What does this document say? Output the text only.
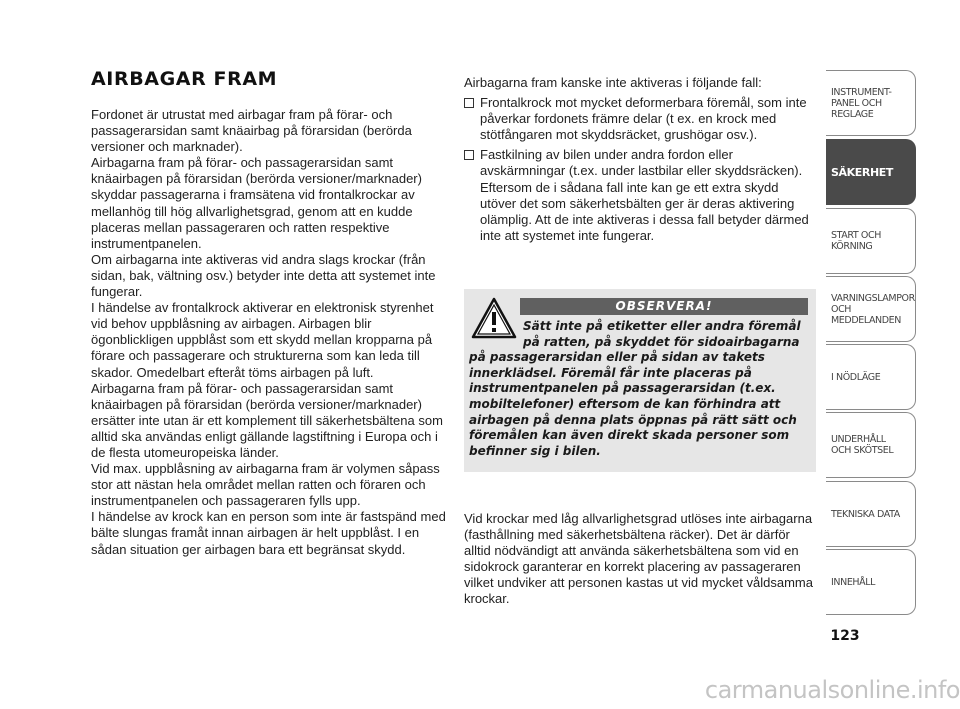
AIRBAGAR FRAM

Fordonet är utrustat med airbagar fram på förar- och passagerarsidan samt knäairbag på förarsidan (berörda versioner och marknader).

Airbagarna fram på förar- och passagerarsidan samt knäairbagen på förarsidan (berörda versioner/marknader) skyddar passagerarna i framsätena vid frontalkrockar av mellanhög till hög allvarlighetsgrad, genom att en kudde placeras mellan passageraren och ratten respektive instrumentpanelen.

Om airbagarna inte aktiveras vid andra slags krockar (från sidan, bak, vältning osv.) betyder inte detta att systemet inte fungerar.

I händelse av frontalkrock aktiverar en elektronisk styrenhet vid behov uppblåsning av airbagen. Airbagen blir ögonblickligen uppblåst som ett skydd mellan kropparna på förare och passagerare och strukturerna som kan leda till skador. Omedelbart efteråt töms airbagen på luft.

Airbagarna fram på förar- och passagerarsidan samt knäairbagen på förarsidan (berörda versioner/marknader) ersätter inte utan är ett komplement till säkerhetsbältena som alltid ska användas enligt gällande lagstiftning i Europa och i de flesta utomeuropeiska länder.

Vid max. uppblåsning av airbagarna fram är volymen såpass stor att nästan hela området mellan ratten och föraren och instrumentpanelen och passageraren fylls upp.

I händelse av krock kan en person som inte är fastspänd med bälte slungas framåt innan airbagen är helt uppblåst. I en sådan situation ger airbagen bara ett begränsat skydd.

Airbagarna fram kanske inte aktiveras i följande fall:

Frontalkrock mot mycket deformerbara föremål, som inte påverkar fordonets främre delar (t ex. en krock med stötfångaren mot skyddsräcket, grushögar osv.).
Fastkilning av bilen under andra fordon eller avskärmningar (t.ex. under lastbilar eller skyddsräcken). Eftersom de i sådana fall inte kan ge ett extra skydd utöver det som säkerhetsbälten ger är deras aktivering olämplig. Att de inte aktiveras i dessa fall betyder därmed inte att systemet inte fungerar.
OBSERVERA!
Sätt inte på etiketter eller andra föremål på ratten, på skyddet för sidoairbagarna på passagerarsidan eller på sidan av takets innerklädsel. Föremål får inte placeras på instrumentpanelen på passagerarsidan (t.ex. mobiltelefoner) eftersom de kan förhindra att airbagen på denna plats öppnas på rätt sätt och föremålen kan även direkt skada personer som befinner sig i bilen.

Vid krockar med låg allvarlighetsgrad utlöses inte airbagarna (fasthållning med säkerhetsbältena räcker). Det är därför alltid nödvändigt att använda säkerhetsbältena som vid en sidokrock garanterar en korrekt placering av passageraren vilket undviker att personen kastas ut vid mycket våldsamma krockar.

INSTRUMENT-
PANEL OCH
REGLAGE
SÄKERHET
START OCH
KÖRNING
VARNINGSLAMPOR
OCH
MEDDELANDEN
I NÖDLÄGE
UNDERHÅLL
OCH SKÖTSEL
TEKNISKA DATA
INNEHÅLL
123
carmanualsonline.info
